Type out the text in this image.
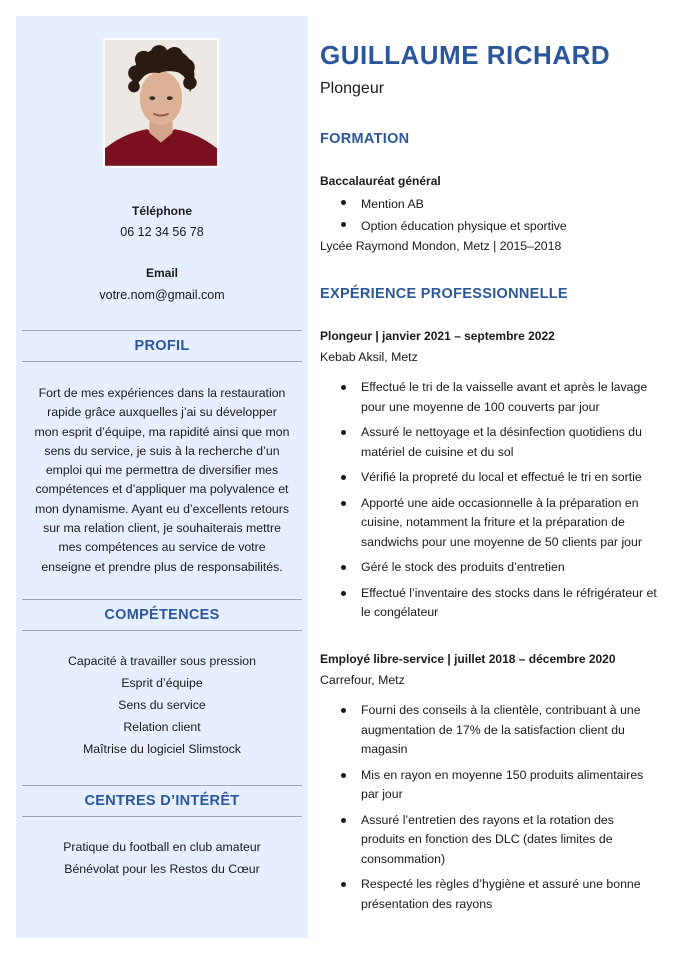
Téléphone
06 12 34 56 78
Email
votre.nom@gmail.com
PROFIL
Fort de mes expériences dans la restauration rapide grâce auxquelles j’ai su développer mon esprit d’équipe, ma rapidité ainsi que mon sens du service, je suis à la recherche d’un emploi qui me permettra de diversifier mes compétences et d’appliquer ma polyvalence et mon dynamisme. Ayant eu d’excellents retours sur ma relation client, je souhaiterais mettre mes compétences au service de votre enseigne et prendre plus de responsabilités.
COMPÉTENCES
Capacité à travailler sous pression
Esprit d’équipe
Sens du service
Relation client
Maîtrise du logiciel Slimstock
CENTRES D’INTÉRÊT
Pratique du football en club amateur
Bénévolat pour les Restos du Cœur
GUILLAUME RICHARD
Plongeur
FORMATION
Baccalauréat général
Mention AB
Option éducation physique et sportive
Lycée Raymond Mondon, Metz | 2015–2018
EXPÉRIENCE PROFESSIONNELLE
Plongeur | janvier 2021 – septembre 2022
Kebab Aksil, Metz
Effectué le tri de la vaisselle avant et après le lavage pour une moyenne de 100 couverts par jour
Assuré le nettoyage et la désinfection quotidiens du matériel de cuisine et du sol
Vérifié la propreté du local et effectué le tri en sortie
Apporté une aide occasionnelle à la préparation en cuisine, notamment la friture et la préparation de sandwichs pour une moyenne de 50 clients par jour
Géré le stock des produits d’entretien
Effectué l’inventaire des stocks dans le réfrigérateur et le congélateur
Employé libre-service | juillet 2018 – décembre 2020
Carrefour, Metz
Fourni des conseils à la clientèle, contribuant à une augmentation de 17% de la satisfaction client du magasin
Mis en rayon en moyenne 150 produits alimentaires par jour
Assuré l’entretien des rayons et la rotation des produits en fonction des DLC (dates limites de consommation)
Respecté les règles d’hygiène et assuré une bonne présentation des rayons
